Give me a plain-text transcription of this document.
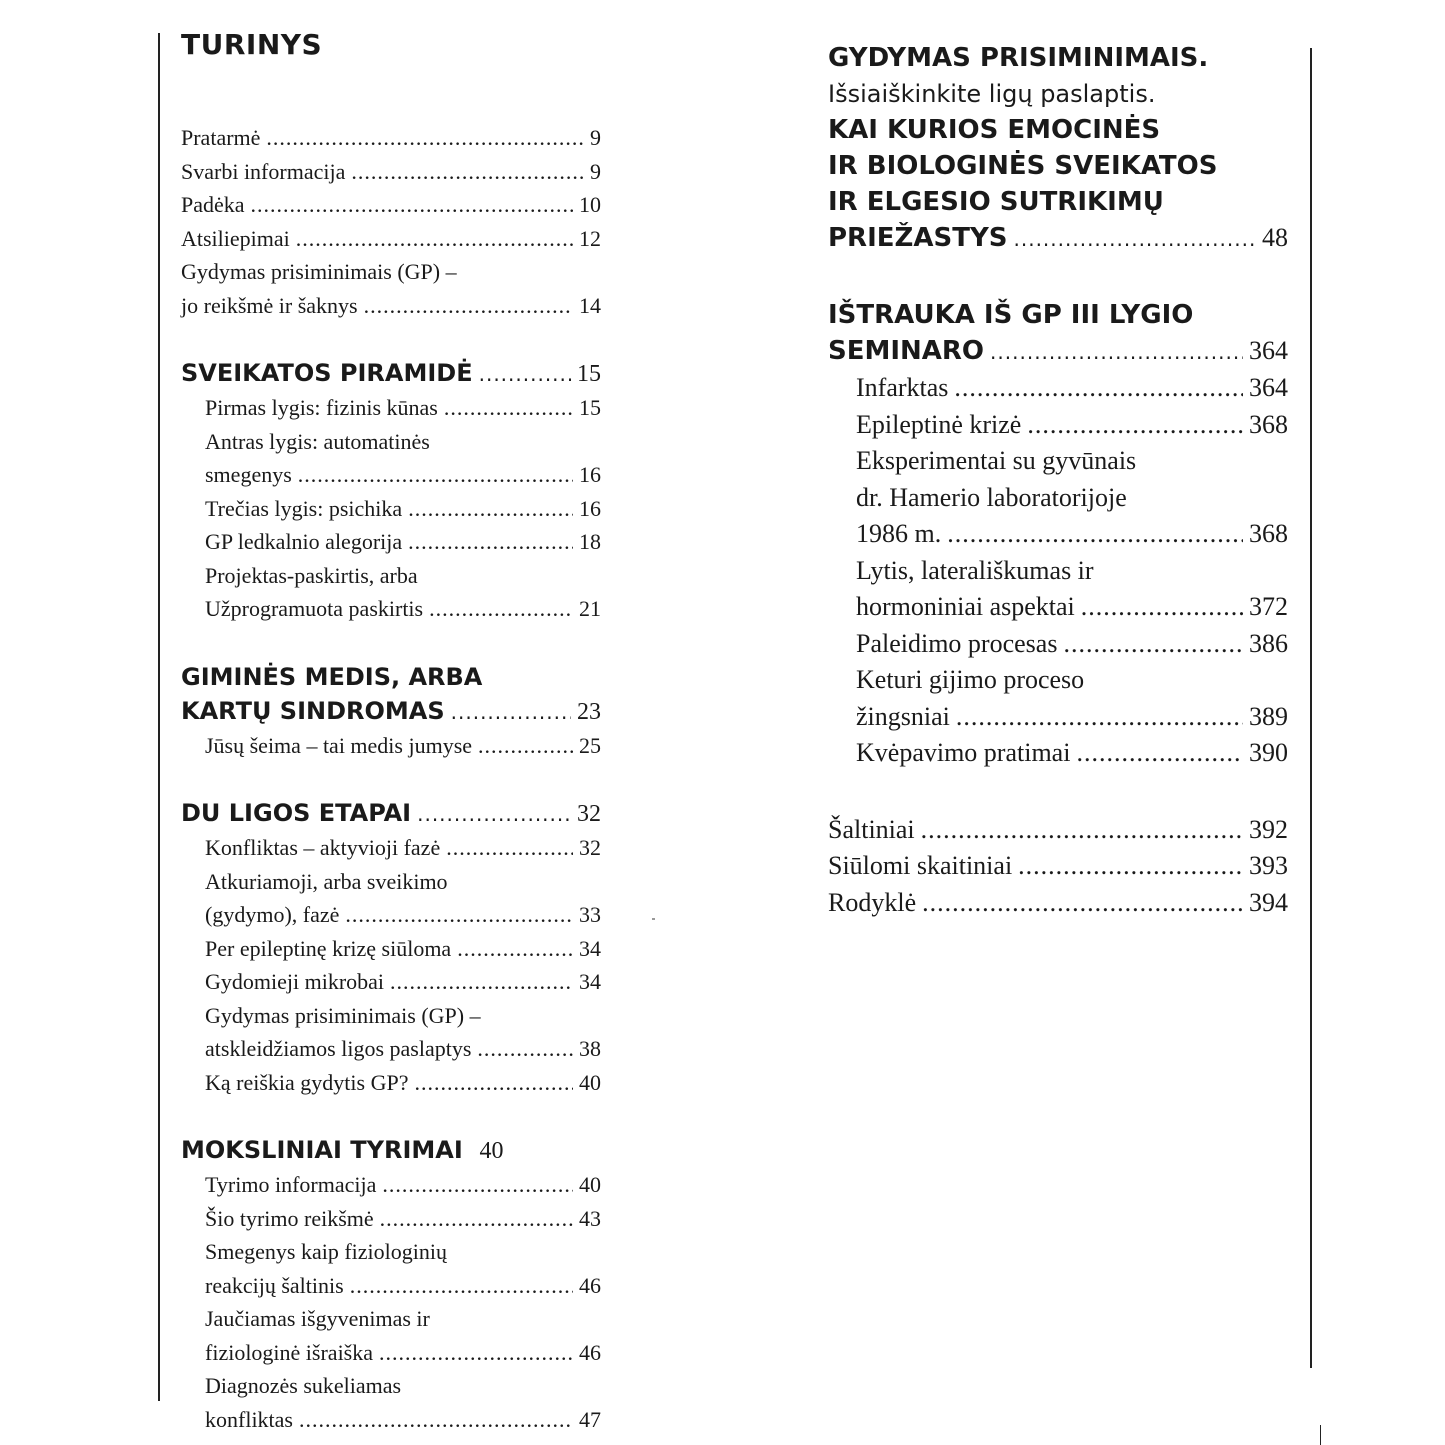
TURINYS
Pratarmė .....	9
Svarbi informacija .....	9
Padėka .....	10
Atsiliepimai .....	12
Gydymas prisiminimais (GP) –
jo reikšmė ir šaknys .....	14
SVEIKATOS PIRAMIDĖ .....	15
Pirmas lygis: fizinis kūnas .....	15
Antras lygis: automatinės
smegenys .....	16
Trečias lygis: psichika .....	16
GP ledkalnio alegorija .....	18
Projektas-paskirtis, arba
Užprogramuota paskirtis .....	21
GIMINĖS MEDIS, ARBA
KARTŲ SINDROMAS .....	23
Jūsų šeima – tai medis jumyse .....	25
DU LIGOS ETAPAI .....	32
Konfliktas – aktyvioji fazė .....	32
Atkuriamoji, arba sveikimo
(gydymo), fazė .....	33
Per epileptinę krizę siūloma .....	34
Gydomieji mikrobai .....	34
Gydymas prisiminimais (GP) –
atskleidžiamos ligos paslaptys .....	38
Ką reiškia gydytis GP? .....	40
MOKSLINIAI TYRIMAI 40
Tyrimo informacija .....	40
Šio tyrimo reikšmė .....	43
Smegenys kaip fiziologinių
reakcijų šaltinis .....	46
Jaučiamas išgyvenimas ir
fiziologinė išraiška .....	46
Diagnozės sukeliamas
konfliktas .....	47
GYDYMAS PRISIMINIMAIS.
Išsiaiškinkite ligų paslaptis.
KAI KURIOS EMOCINĖS
IR BIOLOGINĖS SVEIKATOS
IR ELGESIO SUTRIKIMŲ
PRIEŽASTYS .....	48
IŠTRAUKA IŠ GP III LYGIO
SEMINARO .....	364
Infarktas .....	364
Epileptinė krizė .....	368
Eksperimentai su gyvūnais
dr. Hamerio laboratorijoje
1986 m. .....	368
Lytis, laterališkumas ir
hormoniniai aspektai .....	372
Paleidimo procesas .....	386
Keturi gijimo proceso
žingsniai .....	389
Kvėpavimo pratimai .....	390
Šaltiniai .....	392
Siūlomi skaitiniai .....	393
Rodyklė .....	394
